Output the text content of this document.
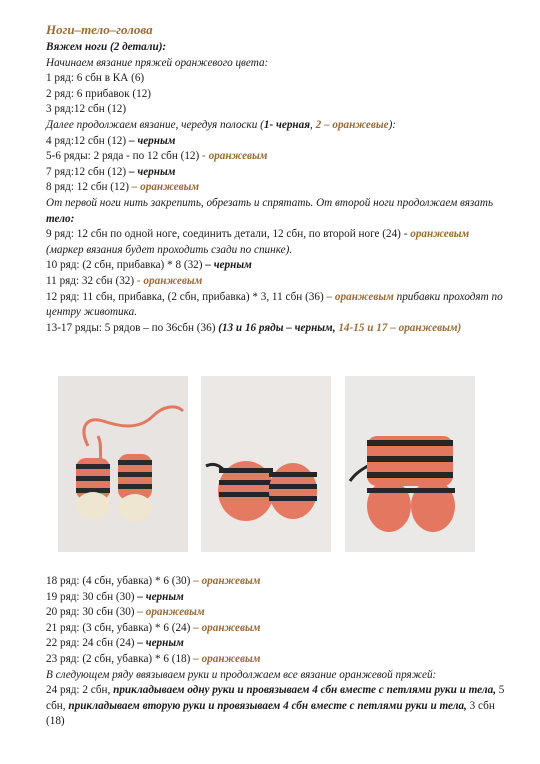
Ноги–тело–голова
Вяжем ноги (2 детали):
Начинаем вязание пряжей оранжевого цвета:
1 ряд: 6 сбн в КА (6)
2 ряд: 6 прибавок (12)
3 ряд:12 сбн (12)
Далее продолжаем вязание, чередуя полоски (1- черная, 2 – оранжевые):
4 ряд:12 сбн (12) – черным
5-6 ряды: 2 ряда - по 12 сбн (12) - оранжевым
7 ряд:12 сбн (12) – черным
8 ряд: 12 сбн (12) – оранжевым
От первой ноги нить закрепить, обрезать и спрятать. От второй ноги продолжаем вязать тело:
9 ряд: 12 сбн по одной ноге, соединить детали, 12 сбн, по второй ноге (24) - оранжевым
(маркер вязания будет проходить сзади по спинке).
10 ряд: (2 сбн, прибавка) * 8 (32) – черным
11 ряд: 32 сбн (32) - оранжевым
12 ряд: 11 сбн, прибавка, (2 сбн, прибавка) * 3, 11 сбн (36) – оранжевым прибавки проходят по центру животика.
13-17 ряды: 5 рядов – по 36сбн (36) (13 и 16 ряды – черным, 14-15 и 17 – оранжевым)
18 ряд: (4 сбн, убавка) * 6 (30) – оранжевым
19 ряд: 30 сбн (30) – черным
20 ряд: 30 сбн (30) – оранжевым
21 ряд: (3 сбн, убавка) * 6 (24) – оранжевым
22 ряд: 24 сбн (24) – черным
23 ряд: (2 сбн, убавка) * 6 (18) – оранжевым
В следующем ряду ввязываем руки и продолжаем все вязание оранжевой пряжей:
24 ряд: 2 сбн, прикладываем одну руки и провязываем 4 сбн вместе с петлями руки и тела, 5 сбн, прикладываем вторую руки и провязываем 4 сбн вместе с петлями руки и тела, 3 сбн (18)
